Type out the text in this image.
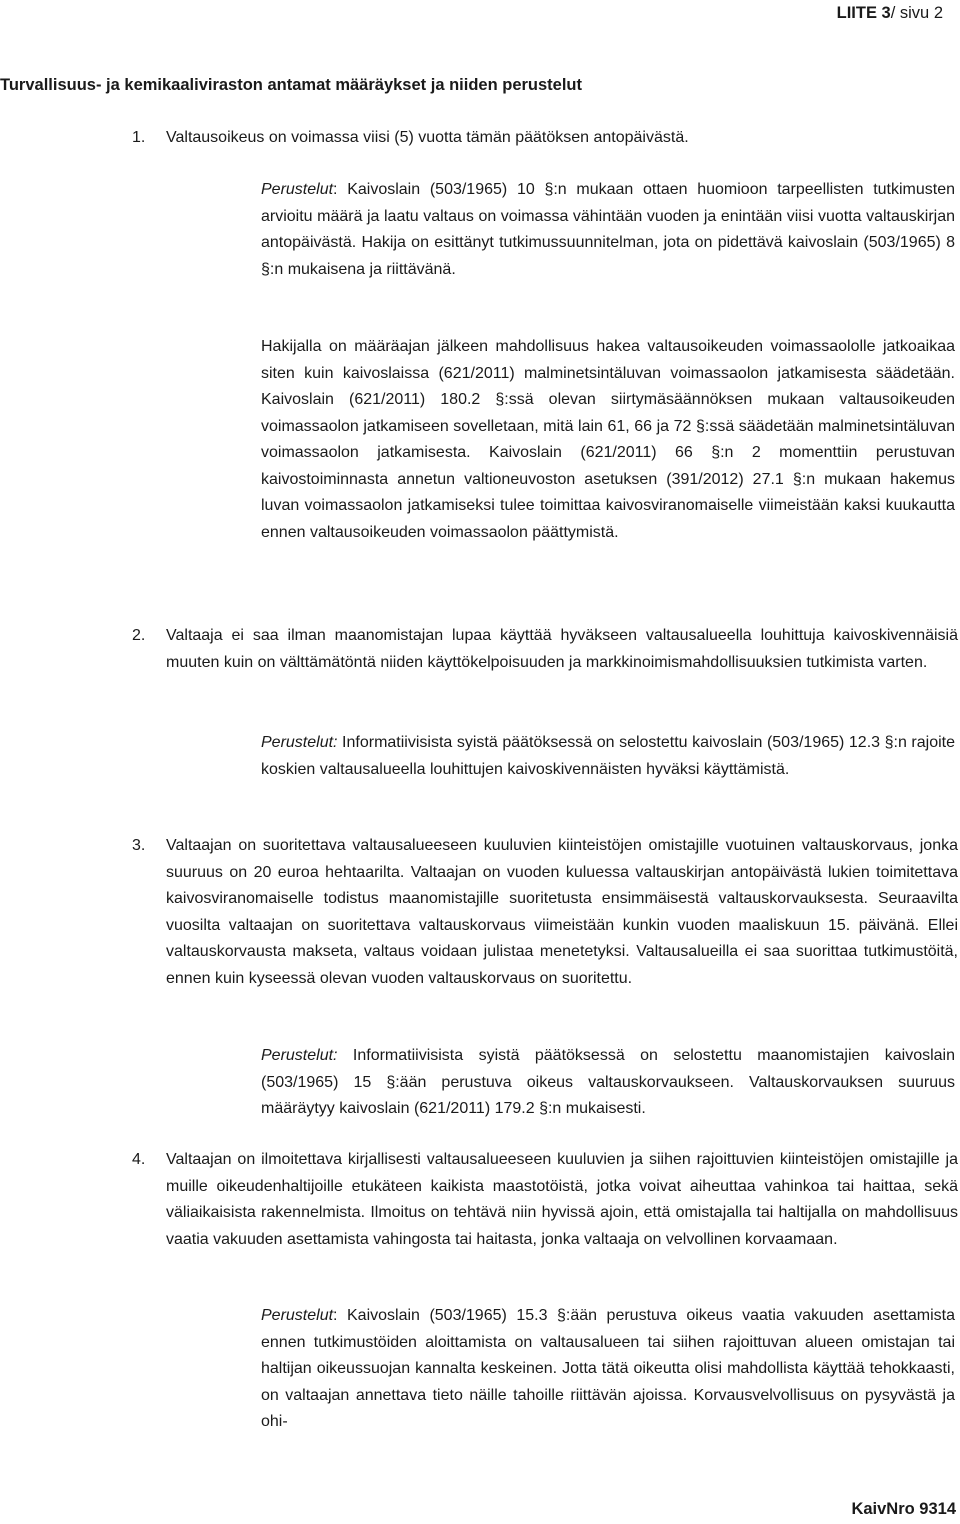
LIITE 3/ sivu 2
Turvallisuus- ja kemikaaliviraston antamat määräykset ja niiden perustelut
1. Valtausoikeus on voimassa viisi (5) vuotta tämän päätöksen antopäivästä.
Perustelut: Kaivoslain (503/1965) 10 §:n mukaan ottaen huomioon tarpeellisten tutkimusten arvioitu määrä ja laatu valtaus on voimassa vähintään vuoden ja enintään viisi vuotta valtauskirjan antopäivästä. Hakija on esittänyt tutkimussuunnitelman, jota on pidettävä kaivoslain (503/1965) 8 §:n mukaisena ja riittävänä.
Hakijalla on määräajan jälkeen mahdollisuus hakea valtausoikeuden voimassaololle jatkoaikaa siten kuin kaivoslaissa (621/2011) malminetsintäluvan voimassaolon jatkamisesta säädetään. Kaivoslain (621/2011) 180.2 §:ssä olevan siirtymäsäännöksen mukaan valtausoikeuden voimassaolon jatkamiseen sovelletaan, mitä lain 61, 66 ja 72 §:ssä säädetään malminetsintäluvan voimassaolon jatkamisesta. Kaivoslain (621/2011) 66 §:n 2 momenttiin perustuvan kaivostoiminnasta annetun valtioneuvoston asetuksen (391/2012) 27.1 §:n mukaan hakemus luvan voimassaolon jatkamiseksi tulee toimittaa kaivosviranomaiselle viimeistään kaksi kuukautta ennen valtausoikeuden voimassaolon päättymistä.
2. Valtaaja ei saa ilman maanomistajan lupaa käyttää hyväkseen valtausalueella louhittuja kaivoskivennäisiä muuten kuin on välttämätöntä niiden käyttökelpoisuuden ja markkinoimismahdollisuuksien tutkimista varten.
Perustelut: Informatiivisista syistä päätöksessä on selostettu kaivoslain (503/1965) 12.3 §:n rajoite koskien valtausalueella louhittujen kaivoskivennäisten hyväksi käyttämistä.
3. Valtaajan on suoritettava valtausalueeseen kuuluvien kiinteistöjen omistajille vuotuinen valtauskorvaus, jonka suuruus on 20 euroa hehtaarilta. Valtaajan on vuoden kuluessa valtauskirjan antopäivästä lukien toimitettava kaivosviranomaiselle todistus maanomistajille suoritetusta ensimmäisestä valtauskorvauksesta. Seuraavilta vuosilta valtaajan on suoritettava valtauskorvaus viimeistään kunkin vuoden maaliskuun 15. päivänä. Ellei valtauskorvausta makseta, valtaus voidaan julistaa menetetyksi. Valtausalueilla ei saa suorittaa tutkimustöitä, ennen kuin kyseessä olevan vuoden valtauskorvaus on suoritettu.
Perustelut: Informatiivisista syistä päätöksessä on selostettu maanomistajien kaivoslain (503/1965) 15 §:ään perustuva oikeus valtauskorvaukseen. Valtauskorvauksen suuruus määräytyy kaivoslain (621/2011) 179.2 §:n mukaisesti.
4. Valtaajan on ilmoitettava kirjallisesti valtausalueeseen kuuluvien ja siihen rajoittuvien kiinteistöjen omistajille ja muille oikeudenhaltijoille etukäteen kaikista maastotöistä, jotka voivat aiheuttaa vahinkoa tai haittaa, sekä väliaikaisista rakennelmista. Ilmoitus on tehtävä niin hyvissä ajoin, että omistajalla tai haltijalla on mahdollisuus vaatia vakuuden asettamista vahingosta tai haitasta, jonka valtaaja on velvollinen korvaamaan.
Perustelut: Kaivoslain (503/1965) 15.3 §:ään perustuva oikeus vaatia vakuuden asettamista ennen tutkimustöiden aloittamista on valtausalueen tai siihen rajoittuvan alueen omistajan tai haltijan oikeussuojan kannalta keskeinen. Jotta tätä oikeutta olisi mahdollista käyttää tehokkaasti, on valtaajan annettava tieto näille tahoille riittävän ajoissa. Korvausvelvollisuus on pysyvästä ja ohi-
KaivNro 9314
